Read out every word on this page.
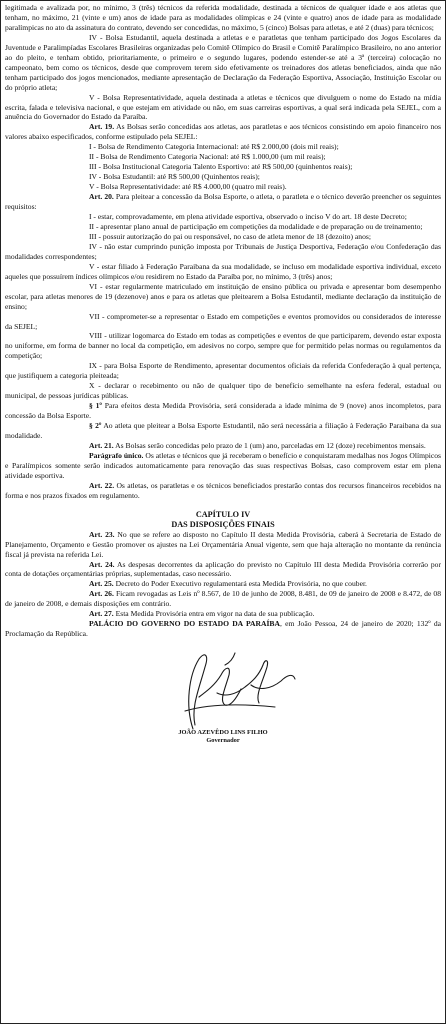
legitimada e avalizada por, no mínimo, 3 (três) técnicos da referida modalidade, destinada a técnicos de qualquer idade e aos atletas que tenham, no máximo, 21 (vinte e um) anos de idade para as modalidades olímpicas e 24 (vinte e quatro) anos de idade para as modalidade paralímpicas no ato da assinatura do contrato, devendo ser concedidas, no máximo, 5 (cinco) Bolsas para atletas, e até 2 (duas) para técnicos;

IV - Bolsa Estudantil, aquela destinada a atletas e e paratletas que tenham participado dos Jogos Escolares da Juventude e Paralimpíadas Escolares Brasileiras organizadas pelo Comitê Olímpico do Brasil e Comitê Paralímpico Brasileiro, no ano anterior ao do pleito, e tenham obtido, prioritariamente, o primeiro e o segundo lugares, podendo estender-se até a 3ª (terceira) colocação no campeonato, bem como os técnicos, desde que comprovem terem sido efetivamente os treinadores dos atletas beneficiados, ainda que não tenham participado dos jogos mencionados, mediante apresentação de Declaração da Federação Esportiva, Associação, Instituição Escolar ou do próprio atleta;

V - Bolsa Representatividade, aquela destinada a atletas e técnicos que divulguem o nome do Estado na mídia escrita, falada e televisiva nacional, e que estejam em atividade ou não, em suas carreiras esportivas, a qual será indicada pela SEJEL, com a anuência do Governador do Estado da Paraíba.

Art. 19. As Bolsas serão concedidas aos atletas, aos paratletas e aos técnicos consistindo em apoio financeiro nos valores abaixo especificados, conforme estipulado pela SEJEL:

I - Bolsa de Rendimento Categoria Internacional: até R$ 2.000,00 (dois mil reais);

II - Bolsa de Rendimento Categoria Nacional: até R$ 1.000,00 (um mil reais);

III - Bolsa Institucional Categoria Talento Esportivo: até R$ 500,00 (quinhentos reais);

IV - Bolsa Estudantil: até R$ 500,00 (Quinhentos reais);

V - Bolsa Representatividade: até R$ 4.000,00 (quatro mil reais).

Art. 20. Para pleitear a concessão da Bolsa Esporte, o atleta, o paratleta e o técnico deverão preencher os seguintes requisitos:

I - estar, comprovadamente, em plena atividade esportiva, observado o inciso V do art. 18 deste Decreto;

II - apresentar plano anual de participação em competições da modalidade e de preparação ou de treinamento;

III - possuir autorização do pai ou responsável, no caso de atleta menor de 18 (dezoito) anos;

IV - não estar cumprindo punição imposta por Tribunais de Justiça Desportiva, Federação e/ou Confederação das modalidades correspondentes;

V - estar filiado à Federação Paraibana da sua modalidade, se incluso em modalidade esportiva individual, exceto aqueles que possuírem índices olímpicos e/ou residirem no Estado da Paraíba por, no mínimo, 3 (três) anos;

VI - estar regularmente matriculado em instituição de ensino pública ou privada e apresentar bom desempenho escolar, para atletas menores de 19 (dezenove) anos e para os atletas que pleitearem a Bolsa Estudantil, mediante declaração da instituição de ensino;

VII - comprometer-se a representar o Estado em competições e eventos promovidos ou considerados de interesse da SEJEL;

VIII - utilizar logomarca do Estado em todas as competições e eventos de que participarem, devendo estar exposta no uniforme, em forma de banner no local da competição, em adesivos no corpo, sempre que for permitido pelas normas ou regulamentos da competição;

IX - para Bolsa Esporte de Rendimento, apresentar documentos oficiais da referida Confederação à qual pertença, que justifiquem a categoria pleiteada;

X - declarar o recebimento ou não de qualquer tipo de benefício semelhante na esfera federal, estadual ou municipal, de pessoas jurídicas públicas.

§ 1º Para efeitos desta Medida Provisória, será considerada a idade mínima de 9 (nove) anos incompletos, para concessão da Bolsa Esporte.

§ 2º Ao atleta que pleitear a Bolsa Esporte Estudantil, não será necessária a filiação à Federação Paraibana da sua modalidade.

Art. 21. As Bolsas serão concedidas pelo prazo de 1 (um) ano, parceladas em 12 (doze) recebimentos mensais.

Parágrafo único. Os atletas e técnicos que já receberam o benefício e conquistaram medalhas nos Jogos Olímpicos e Paralímpicos somente serão indicados automaticamente para renovação das suas respectivas Bolsas, caso comprovem estar em plena atividade esportiva.

Art. 22. Os atletas, os paratletas e os técnicos beneficiados prestarão contas dos recursos financeiros recebidos na forma e nos prazos fixados em regulamento.

CAPÍTULO IV

DAS DISPOSIÇÕES FINAIS

Art. 23. No que se refere ao disposto no Capítulo II desta Medida Provisória, caberá à Secretaria de Estado de Planejamento, Orçamento e Gestão promover os ajustes na Lei Orçamentária Anual vigente, sem que haja alteração no montante da renúncia fiscal já prevista na referida Lei.

Art. 24. As despesas decorrentes da aplicação do previsto no Capítulo III desta Medida Provisória correrão por conta de dotações orçamentárias próprias, suplementadas, caso necessário.

Art. 25. Decreto do Poder Executivo regulamentará esta Medida Provisória, no que couber.

Art. 26. Ficam revogadas as Leis nº 8.567, de 10 de junho de 2008, 8.481, de 09 de janeiro de 2008 e 8.472, de 08 de janeiro de 2008, e demais disposições em contrário.

Art. 27. Esta Medida Provisória entra em vigor na data de sua publicação.

PALÁCIO DO GOVERNO DO ESTADO DA PARAÍBA, em João Pessoa, 24 de janeiro de 2020; 132º da Proclamação da República.

JOÃO AZEVÊDO LINS FILHO

Governador
